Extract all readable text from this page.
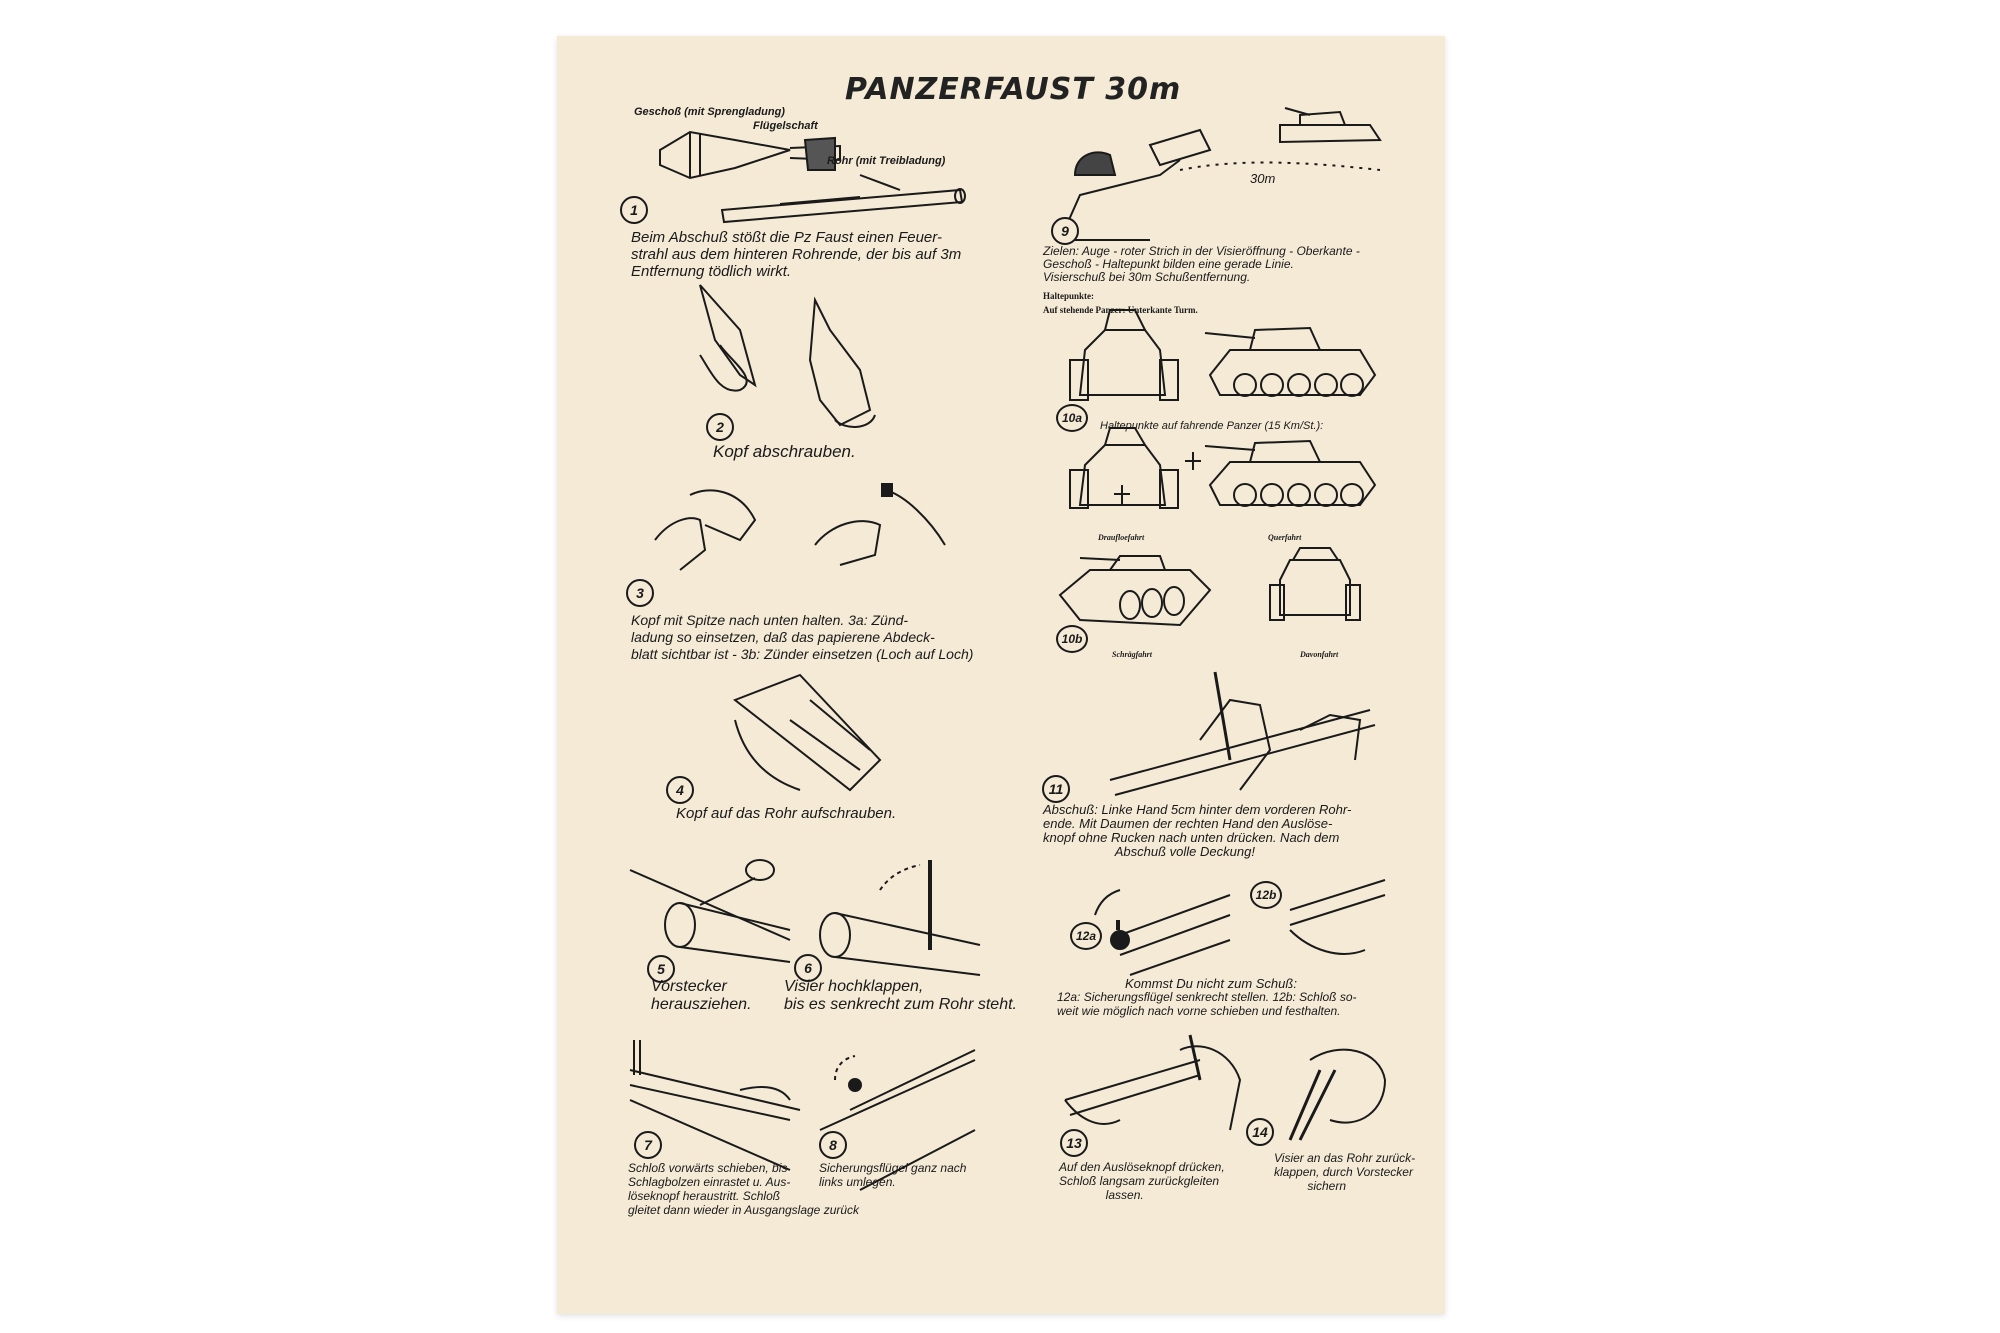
PANZERFAUST 30m
Geschoß (mit Sprengladung)
Flügelschaft
Rohr (mit Treibladung)
1
Beim Abschuß stößt die Pz Faust einen Feuer-
strahl aus dem hinteren Rohrende, der bis auf 3m
Entfernung tödlich wirkt.
2
Kopf abschrauben.
3
Kopf mit Spitze nach unten halten. 3a: Zünd-
ladung so einsetzen, daß das papierene Abdeck-
blatt sichtbar ist - 3b: Zünder einsetzen (Loch auf Loch)
4
Kopf auf das Rohr aufschrauben.
5
Vorstecker
herausziehen.
6
Visier hochklappen,
bis es senkrecht zum Rohr steht.
7
Schloß vorwärts schieben, bis
Schlagbolzen einrastet u. Aus-
löseknopf heraustritt. Schloß
gleitet dann wieder in Ausgangslage zurück
8
Sicherungsflügel ganz nach
links umlegen.
30m
9
Zielen: Auge - roter Strich in der Visieröffnung - Oberkante -
Geschoß - Haltepunkt bilden eine gerade Linie.
Visierschuß bei 30m Schußentfernung.
Haltepunkte:
Auf stehende Panzer: Unterkante Turm.
10a
Haltepunkte auf fahrende Panzer (15 Km/St.):
Draufloefahrt	Querfahrt
10b
Schrägfahrt	Davonfahrt
11
Abschuß: Linke Hand 5cm hinter dem vorderen Rohr-
ende. Mit Daumen der rechten Hand den Auslöse-
knopf ohne Rucken nach unten drücken. Nach dem
Abschuß volle Deckung!
12a
12b
Kommst Du nicht zum Schuß:
12a: Sicherungsflügel senkrecht stellen. 12b: Schloß so-
weit wie möglich nach vorne schieben und festhalten.
13
Auf den Auslöseknopf drücken,
Schloß langsam zurückgleiten
lassen.
14
Visier an das Rohr zurück-
klappen, durch Vorstecker
sichern
